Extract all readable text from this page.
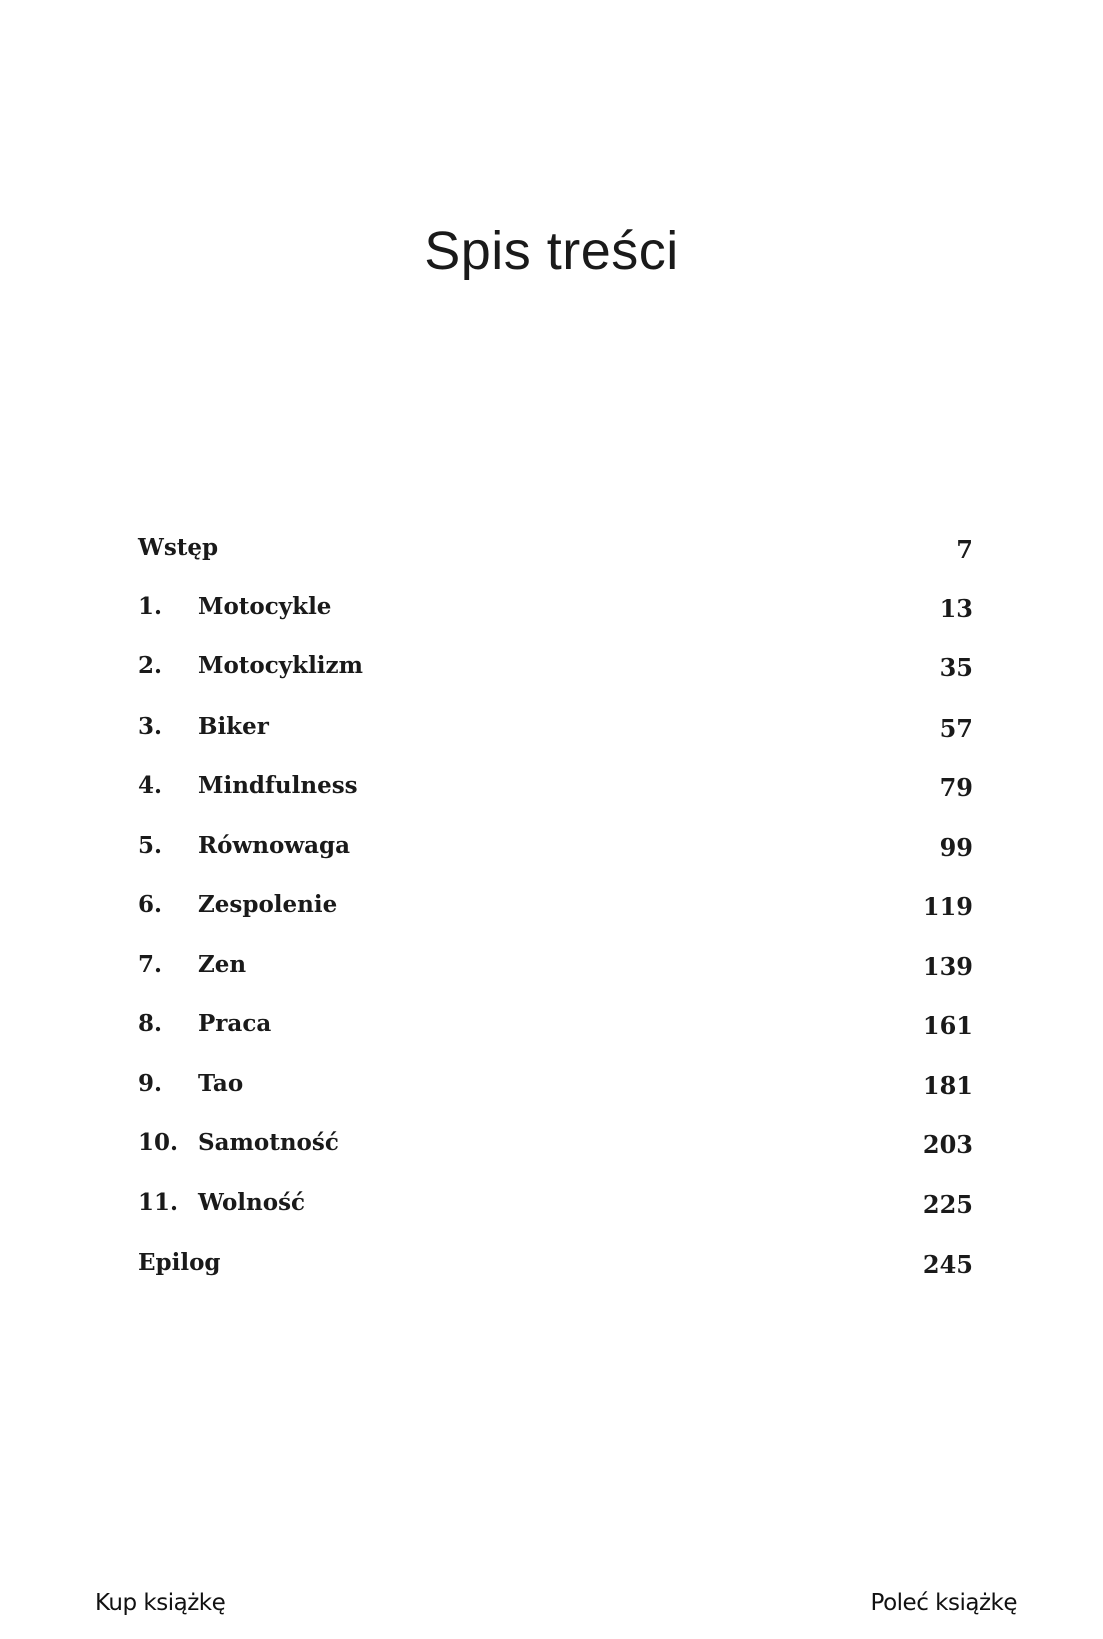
Spis treści
Wstęp	7
1. Motocykle	13
2. Motocyklizm	35
3. Biker	57
4. Mindfulness	79
5. Równowaga	99
6. Zespolenie	119
7. Zen	139
8. Praca	161
9. Tao	181
10. Samotność	203
11. Wolność	225
Epilog	245
Kup książkę	Poleć książkę
